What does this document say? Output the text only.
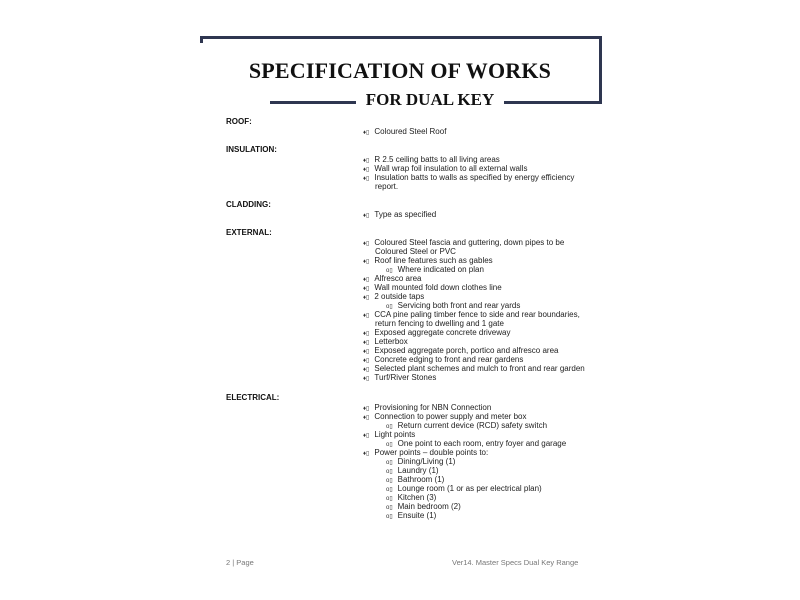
SPECIFICATION OF WORKS
FOR DUAL KEY
ROOF:
♦▯ Coloured Steel Roof
INSULATION:
♦▯ R 2.5 ceiling batts to all living areas
♦▯ Wall wrap foil insulation to all external walls
♦▯ Insulation batts to walls as specified by energy efficiency
report.
CLADDING:
♦▯ Type as specified
EXTERNAL:
♦▯ Coloured Steel fascia and guttering, down pipes to be
Coloured Steel or PVC
♦▯ Roof line features such as gables
o▯ Where indicated on plan
♦▯ Alfresco area
♦▯ Wall mounted fold down clothes line
♦▯ 2 outside taps
o▯ Servicing both front and rear yards
♦▯ CCA pine paling timber fence to side and rear boundaries,
return fencing to dwelling and 1 gate
♦▯ Exposed aggregate concrete driveway
♦▯ Letterbox
♦▯ Exposed aggregate porch, portico and alfresco area
♦▯ Concrete edging to front and rear gardens
♦▯ Selected plant schemes and mulch to front and rear garden
♦▯ Turf/River Stones
ELECTRICAL:
♦▯ Provisioning for NBN Connection
♦▯ Connection to power supply and meter box
o▯ Return current device (RCD) safety switch
♦▯ Light points
o▯ One point to each room, entry foyer and garage
♦▯ Power points – double points to:
o▯ Dining/Living (1)
o▯ Laundry (1)
o▯ Bathroom (1)
o▯ Lounge room (1 or as per electrical plan)
o▯ Kitchen (3)
o▯ Main bedroom (2)
o▯ Ensuite (1)
2 | Page	Ver14. Master Specs Dual Key Range
